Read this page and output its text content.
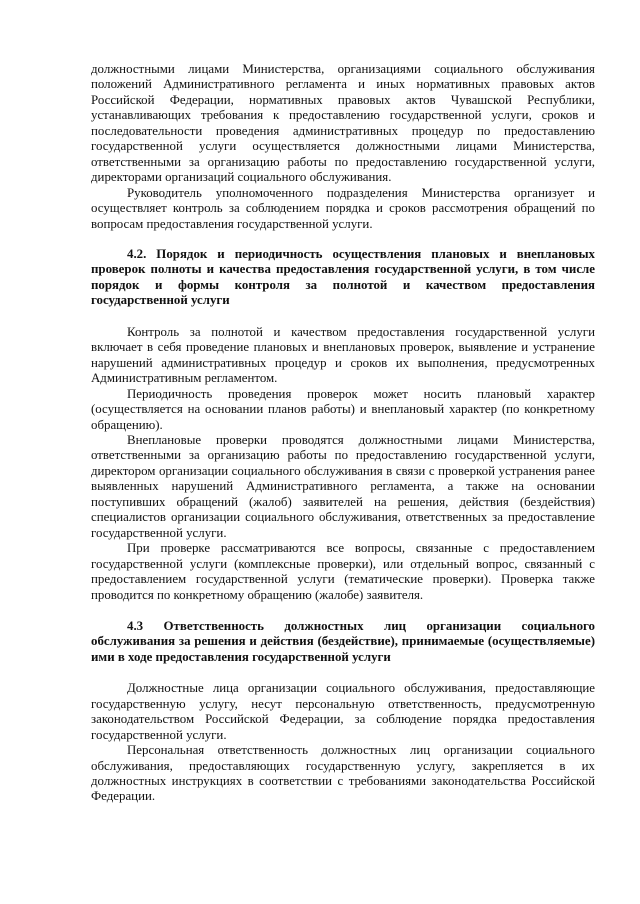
должностными лицами Министерства, организациями социального обслуживания положений Административного регламента и иных нормативных правовых актов Российской Федерации, нормативных правовых актов Чувашской Республики, устанавливающих требования к предоставлению государственной услуги, сроков и последовательности проведения административных процедур по предоставлению государственной услуги осуществляется должностными лицами Министерства, ответственными за организацию работы по предоставлению государственной услуги, директорами организаций социального обслуживания.

Руководитель уполномоченного подразделения Министерства организует и осуществляет контроль за соблюдением порядка и сроков рассмотрения обращений по вопросам предоставления государственной услуги.

4.2. Порядок и периодичность осуществления плановых и внеплановых проверок полноты и качества предоставления государственной услуги, в том числе порядок и формы контроля за полнотой и качеством предоставления государственной услуги

Контроль за полнотой и качеством предоставления государственной услуги включает в себя проведение плановых и внеплановых проверок, выявление и устранение нарушений административных процедур и сроков их выполнения, предусмотренных Административным регламентом.

Периодичность проведения проверок может носить плановый характер (осуществляется на основании планов работы) и внеплановый характер (по конкретному обращению).

Внеплановые проверки проводятся должностными лицами Министерства, ответственными за организацию работы по предоставлению государственной услуги, директором организации социального обслуживания в связи с проверкой устранения ранее выявленных нарушений Административного регламента, а также на основании поступивших обращений (жалоб) заявителей на решения, действия (бездействия) специалистов организации социального обслуживания, ответственных за предоставление государственной услуги.

При проверке рассматриваются все вопросы, связанные с предоставлением государственной услуги (комплексные проверки), или отдельный вопрос, связанный с предоставлением государственной услуги (тематические проверки). Проверка также проводится по конкретному обращению (жалобе) заявителя.

4.3 Ответственность должностных лиц организации социального обслуживания за решения и действия (бездействие), принимаемые (осуществляемые) ими в ходе предоставления государственной услуги

Должностные лица организации социального обслуживания, предоставляющие государственную услугу, несут персональную ответственность, предусмотренную законодательством Российской Федерации, за соблюдение порядка предоставления государственной услуги.

Персональная ответственность должностных лиц организации социального обслуживания, предоставляющих государственную услугу, закрепляется в их должностных инструкциях в соответствии с требованиями законодательства Российской Федерации.
